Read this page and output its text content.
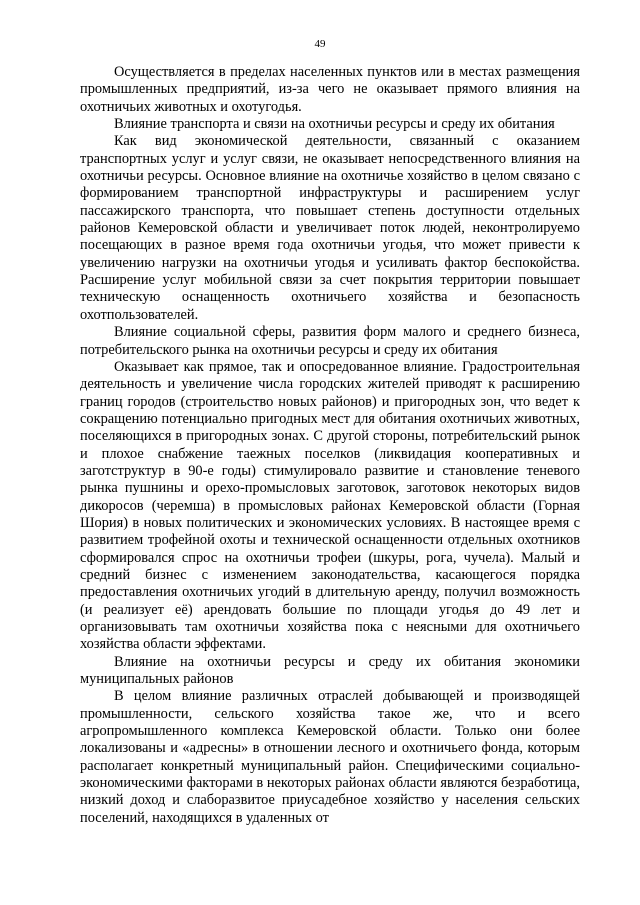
49

Осуществляется в пределах населенных пунктов или в местах размещения промышленных предприятий, из-за чего не оказывает прямого влияния на охотничьих животных и охотугодья.

Влияние транспорта и связи на охотничьи ресурсы и среду их обитания

Как вид экономической деятельности, связанный с оказанием транспортных услуг и услуг связи, не оказывает непосредственного влияния на охотничьи ресурсы. Основное влияние на охотничье хозяйство в целом связано с формированием транспортной инфраструктуры и расширением услуг пассажирского транспорта, что повышает степень доступности отдельных районов Кемеровской области и увеличивает поток людей, неконтролируемо посещающих в разное время года охотничьи угодья, что может привести к увеличению нагрузки на охотничьи угодья и усиливать фактор беспокойства. Расширение услуг мобильной связи за счет покрытия территории повышает техническую оснащенность охотничьего хозяйства и безопасность охотпользователей.

Влияние социальной сферы, развития форм малого и среднего бизнеса, потребительского рынка на охотничьи ресурсы и среду их обитания

Оказывает как прямое, так и опосредованное влияние. Градостроительная деятельность и увеличение числа городских жителей приводят к расширению границ городов (строительство новых районов) и пригородных зон, что ведет к сокращению потенциально пригодных мест для обитания охотничьих животных, поселяющихся в пригородных зонах. С другой стороны, потребительский рынок и плохое снабжение таежных поселков (ликвидация кооперативных и заготструктур в 90-е годы) стимулировало развитие и становление теневого рынка пушнины и орехо-промысловых заготовок, заготовок некоторых видов дикоросов (черемша) в промысловых районах Кемеровской области (Горная Шория) в новых политических и экономических условиях. В настоящее время с развитием трофейной охоты и технической оснащенности отдельных охотников сформировался спрос на охотничьи трофеи (шкуры, рога, чучела). Малый и средний бизнес с изменением законодательства, касающегося порядка предоставления охотничьих угодий в длительную аренду, получил возможность (и реализует её) арендовать большие по площади угодья до 49 лет и организовывать там охотничьи хозяйства пока с неясными для охотничьего хозяйства области эффектами.

Влияние на охотничьи ресурсы и среду их обитания экономики муниципальных районов

В целом влияние различных отраслей добывающей и производящей промышленности, сельского хозяйства такое же, что и всего агропромышленного комплекса Кемеровской области. Только они более локализованы и «адресны» в отношении лесного и охотничьего фонда, которым располагает конкретный муниципальный район. Специфическими социально-экономическими факторами в некоторых районах области являются безработица, низкий доход и слаборазвитое приусадебное хозяйство у населения сельских поселений, находящихся в удаленных от
